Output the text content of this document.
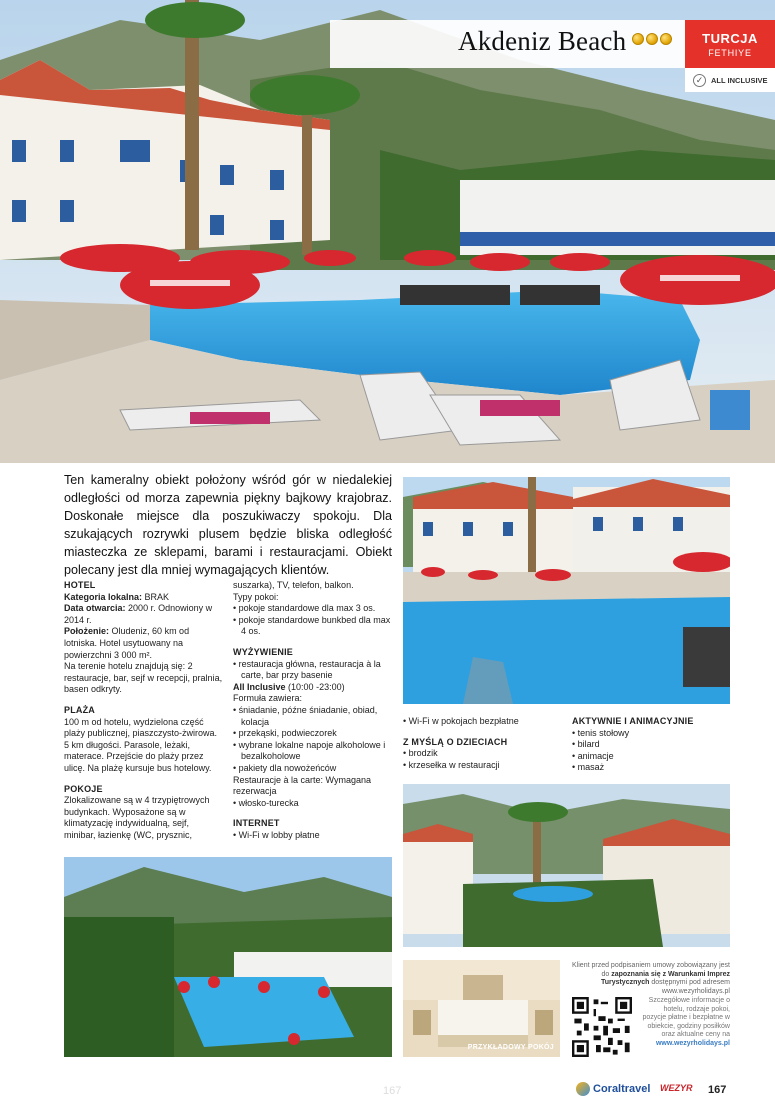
Akdeniz Beach	TURCJA
FETHIYE
✓	ALL INCLUSIVE

Ten kameralny obiekt położony wśród gór w niedalekiej odległości od morza zapewnia piękny bajkowy krajobraz. Doskonałe miejsce dla poszukiwaczy spokoju. Dla szukających rozrywki plusem będzie bliska odległość miasteczka ze sklepami, barami i restauracjami. Obiekt polecany jest dla mniej wymagających klientów.

HOTEL
Kategoria lokalna: BRAK
Data otwarcia: 2000 r. Odnowiony w 2014 r.
Położenie: Oludeniz, 60 km od lotniska. Hotel usytuowany na powierzchni 3 000 m².
Na terenie hotelu znajdują się: 2 restauracje, bar, sejf w recepcji, pralnia, basen odkryty.
PLAŻA
100 m od hotelu, wydzielona część plaży publicznej, piaszczysto-żwirowa. 5 km długości. Parasole, leżaki, materace. Przejście do plaży przez ulicę. Na plażę kursuje bus hotelowy.
POKOJE
Zlokalizowane są w 4 trzypiętrowych budynkach. Wyposażone są w klimatyzację indywidualną, sejf, minibar, łazienkę (WC, prysznic,
suszarka), TV, telefon, balkon.
Typy pokoi:
• pokoje standardowe dla max 3 os.
• pokoje standardowe bunkbed dla max 4 os.
WYŻYWIENIE
• restauracja główna, restauracja à la carte, bar przy basenie
All Inclusive (10:00 -23:00)
Formuła zawiera:
• śniadanie, późne śniadanie, obiad, kolacja
• przekąski, podwieczorek
• wybrane lokalne napoje alkoholowe i bezalkoholowe
• pakiety dla nowożeńców
Restauracje à la carte: Wymagana rezerwacja
• włosko-turecka
INTERNET
• Wi-Fi w lobby płatne
• Wi-Fi w pokojach bezpłatne
Z MYŚLĄ O DZIECIACH
• brodzik
• krzesełka w restauracji
AKTYWNIE I ANIMACYJNIE
• tenis stołowy
• bilard
• animacje
• masaż
PRZYKŁADOWY POKÓJ
Klient przed podpisaniem umowy zobowiązany jest do zapoznania się z Warunkami Imprez Turystycznych dostępnymi pod adresem www.wezyrholidays.pl
Szczegółowe informacje o hotelu, rodzaje pokoi, pozycje płatne i bezpłatne w obiekcie, godziny posiłków oraz aktualne ceny na www.wezyrholidays.pl
167	Coraltravel WEZYR 167
